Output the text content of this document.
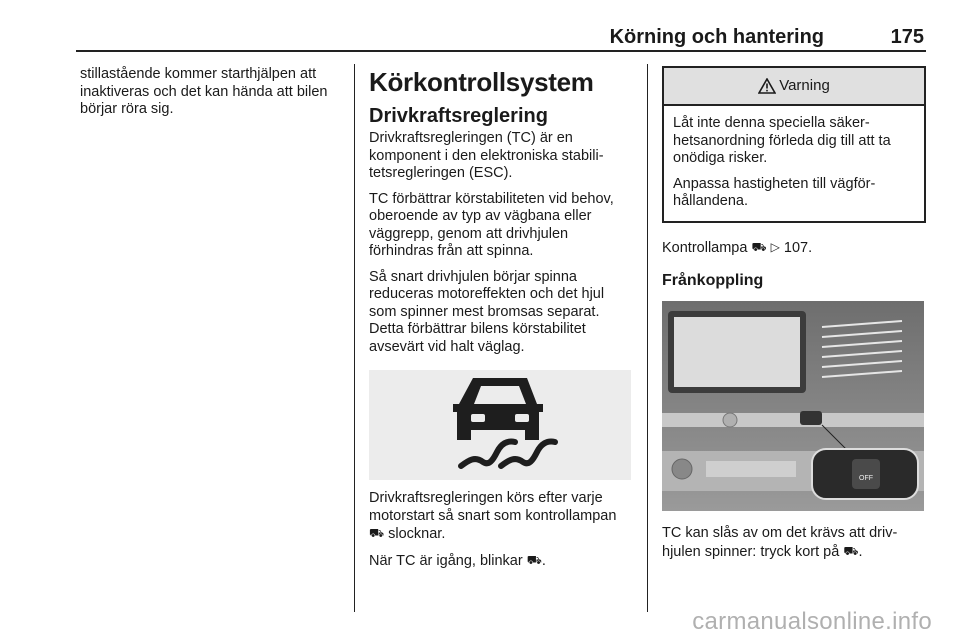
Körning och hantering	175

stillastående kommer starthjälpen att inaktiveras och det kan hända att bilen börjar röra sig.

Körkontrollsystem
Drivkraftsreglering

Drivkraftsregleringen (TC) är en komponent i den elektroniska stabilitetsregleringen (ESC).

TC förbättrar körstabiliteten vid behov, oberoende av typ av vägbana eller väggrepp, genom att drivhjulen förhindras från att spinna.

Så snart drivhjulen börjar spinna reduceras motoreffekten och det hjul som spinner mest bromsas separat. Detta förbättrar bilens körstabilitet avsevärt vid halt väglag.

Drivkraftsregleringen körs efter varje motorstart så snart som kontrollampan ⛟ slocknar.

När TC är igång, blinkar ⛟.

Varning

Låt inte denna speciella säkerhetsanordning förleda dig till att ta onödiga risker.

Anpassa hastigheten till vägförhållandena.

Kontrollampa ⛟ ▷ 107.

Frånkoppling
OFF

TC kan slås av om det krävs att drivhjulen spinner: tryck kort på ⛟.

carmanualsonline.info
